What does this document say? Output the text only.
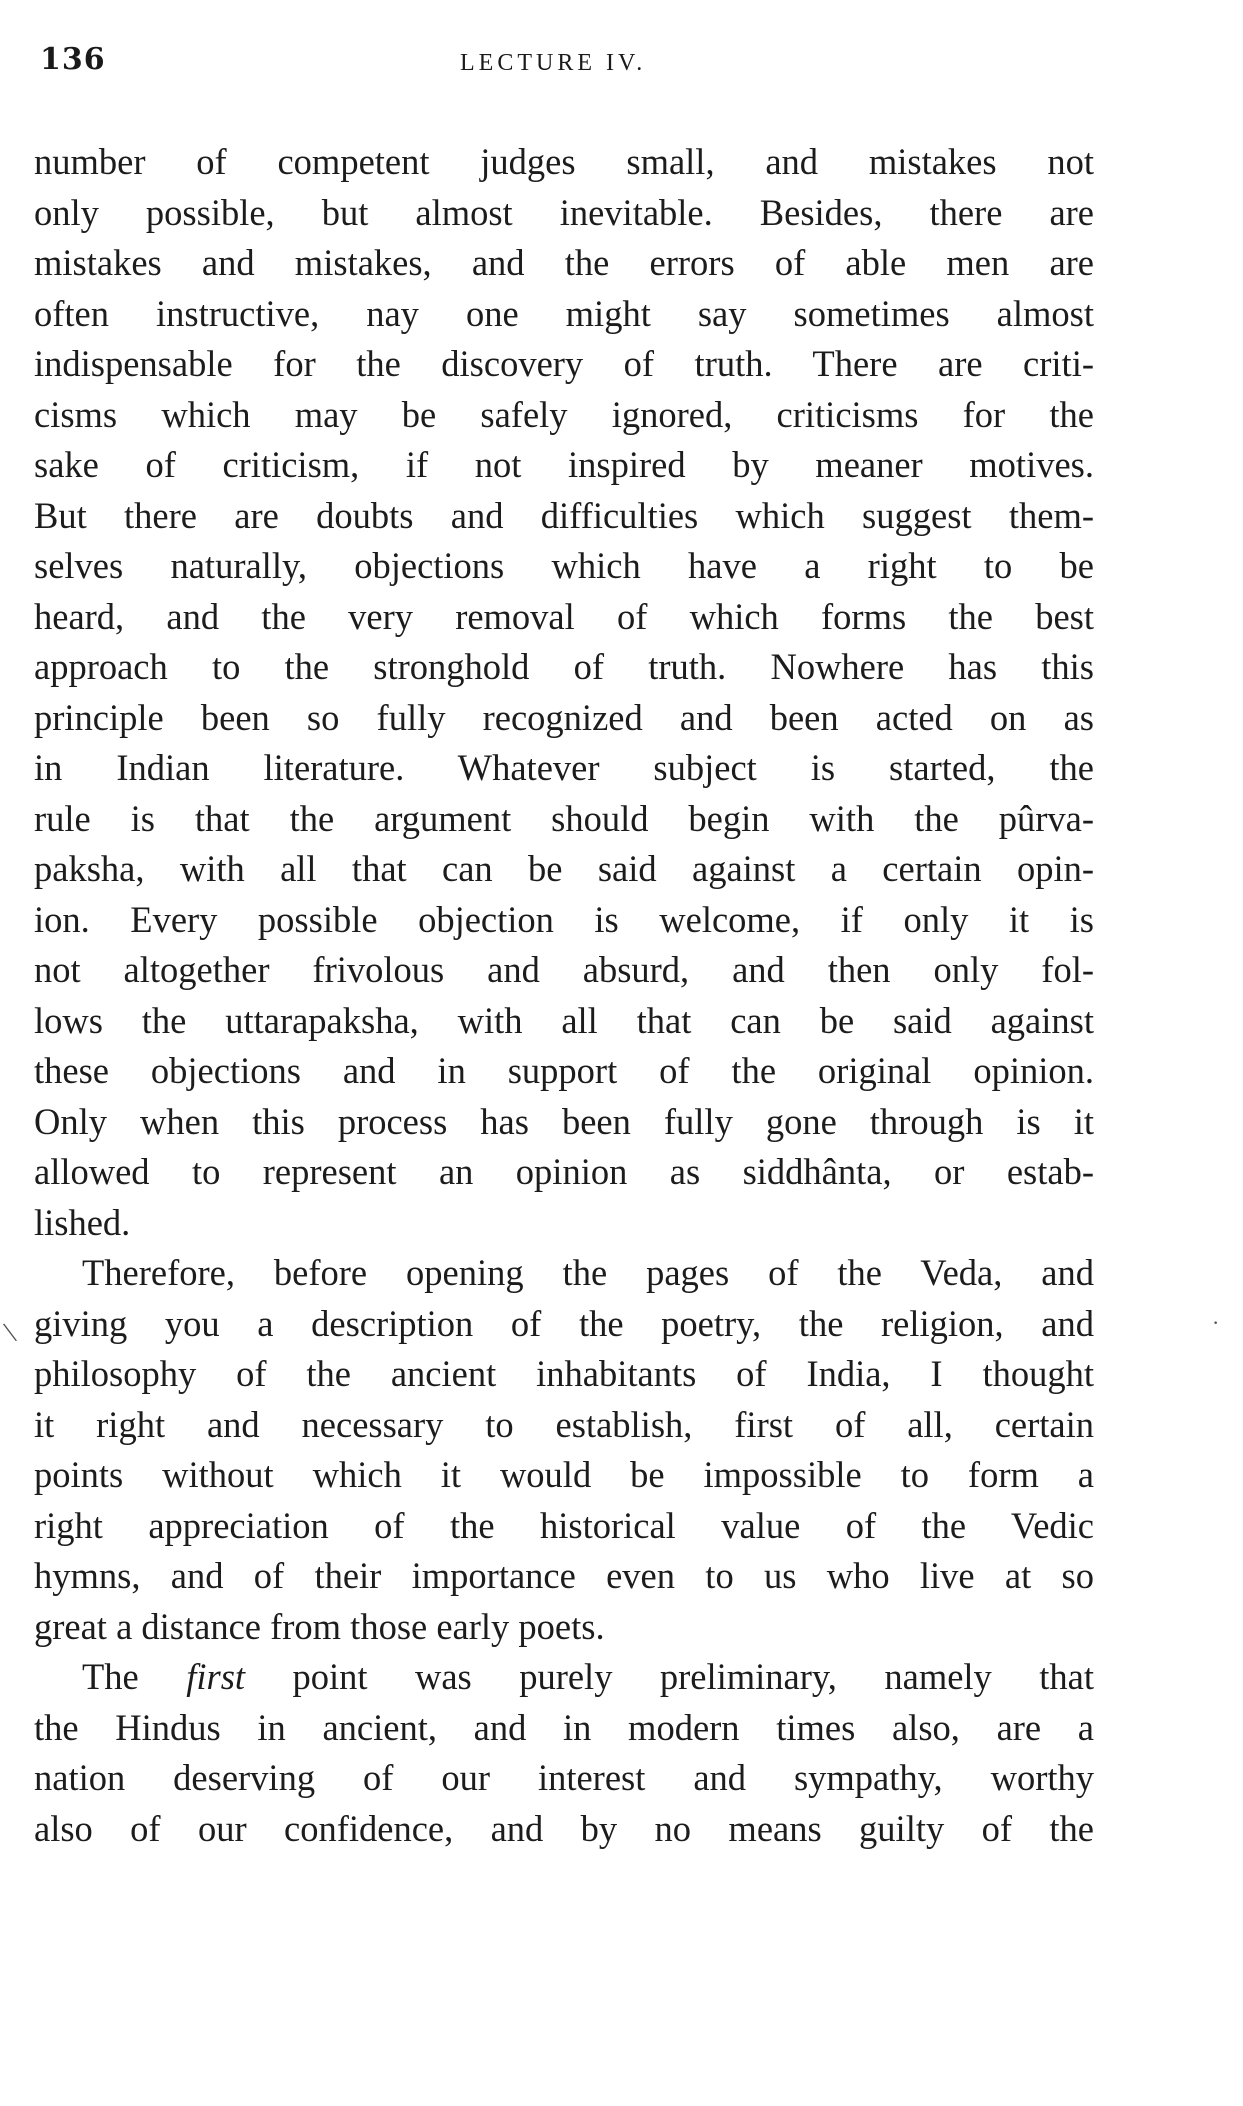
136	LECTURE IV.
number of competent judges small, and mistakes not
only possible, but almost inevitable. Besides, there are
mistakes and mistakes, and the errors of able men are
often instructive, nay one might say sometimes almost
indispensable for the discovery of truth. There are criti-
cisms which may be safely ignored, criticisms for the
sake of criticism, if not inspired by meaner motives.
But there are doubts and difficulties which suggest them-
selves naturally, objections which have a right to be
heard, and the very removal of which forms the best
approach to the stronghold of truth. Nowhere has this
principle been so fully recognized and been acted on as
in Indian literature. Whatever subject is started, the
rule is that the argument should begin with the pûrva-
paksha, with all that can be said against a certain opin-
ion. Every possible objection is welcome, if only it is
not altogether frivolous and absurd, and then only fol-
lows the uttarapaksha, with all that can be said against
these objections and in support of the original opinion.
Only when this process has been fully gone through is it
allowed to represent an opinion as siddhânta, or estab-
lished.
Therefore, before opening the pages of the Veda, and
giving you a description of the poetry, the religion, and
philosophy of the ancient inhabitants of India, I thought
it right and necessary to establish, first of all, certain
points without which it would be impossible to form a
right appreciation of the historical value of the Vedic
hymns, and of their importance even to us who live at so
great a distance from those early poets.
The first point was purely preliminary, namely that
the Hindus in ancient, and in modern times also, are a
nation deserving of our interest and sympathy, worthy
also of our confidence, and by no means guilty of the
\	·
